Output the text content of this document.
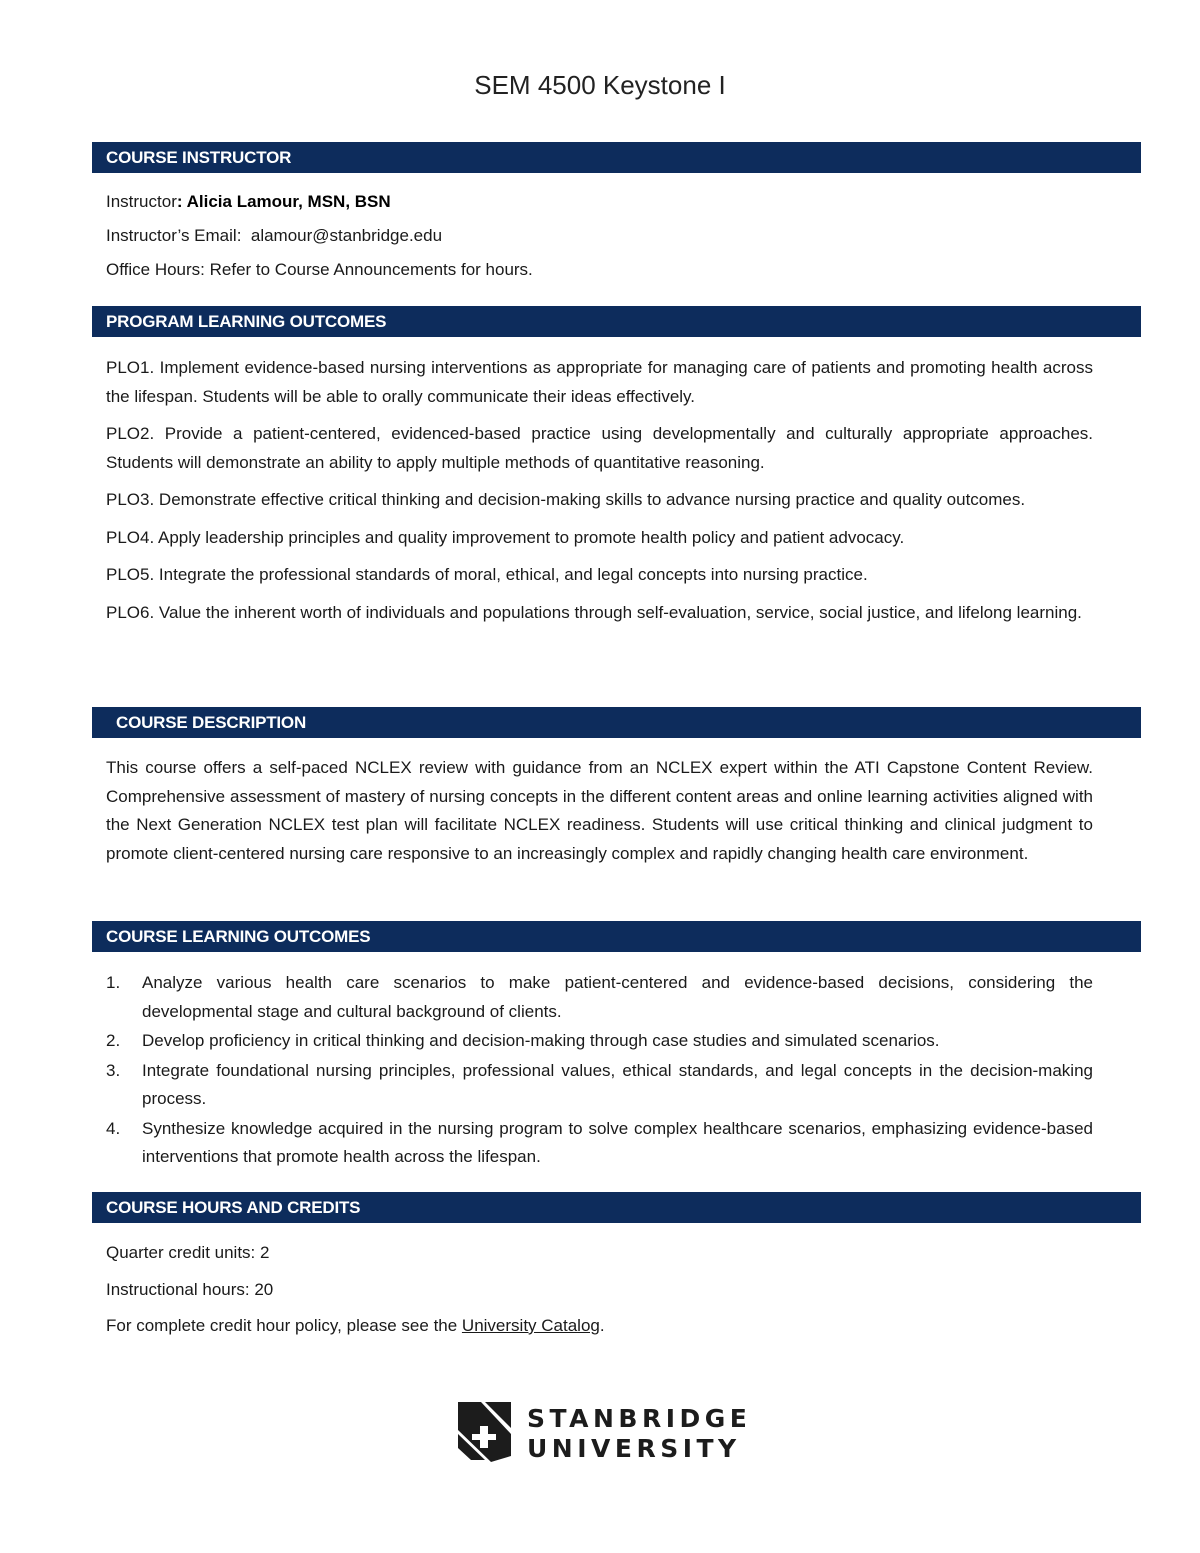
SEM 4500 Keystone I
COURSE INSTRUCTOR
Instructor: Alicia Lamour, MSN, BSN
Instructor’s Email: alamour@stanbridge.edu
Office Hours: Refer to Course Announcements for hours.
PROGRAM LEARNING OUTCOMES

PLO1. Implement evidence-based nursing interventions as appropriate for managing care of patients and promoting health across the lifespan. Students will be able to orally communicate their ideas effectively.

PLO2. Provide a patient-centered, evidenced-based practice using developmentally and culturally appropriate approaches. Students will demonstrate an ability to apply multiple methods of quantitative reasoning.

PLO3. Demonstrate effective critical thinking and decision-making skills to advance nursing practice and quality outcomes.

PLO4. Apply leadership principles and quality improvement to promote health policy and patient advocacy.

PLO5. Integrate the professional standards of moral, ethical, and legal concepts into nursing practice.

PLO6. Value the inherent worth of individuals and populations through self-evaluation, service, social justice, and lifelong learning.

COURSE DESCRIPTION

This course offers a self-paced NCLEX review with guidance from an NCLEX expert within the ATI Capstone Content Review. Comprehensive assessment of mastery of nursing concepts in the different content areas and online learning activities aligned with the Next Generation NCLEX test plan will facilitate NCLEX readiness. Students will use critical thinking and clinical judgment to promote client-centered nursing care responsive to an increasingly complex and rapidly changing health care environment.

COURSE LEARNING OUTCOMES
1. Analyze various health care scenarios to make patient-centered and evidence-based decisions, considering the developmental stage and cultural background of clients.
2. Develop proficiency in critical thinking and decision-making through case studies and simulated scenarios.
3. Integrate foundational nursing principles, professional values, ethical standards, and legal concepts in the decision-making process.
4. Synthesize knowledge acquired in the nursing program to solve complex healthcare scenarios, emphasizing evidence-based interventions that promote health across the lifespan.
COURSE HOURS AND CREDITS
Quarter credit units: 2
Instructional hours: 20
For complete credit hour policy, please see the University Catalog.
STANBRIDGE
UNIVERSITY
